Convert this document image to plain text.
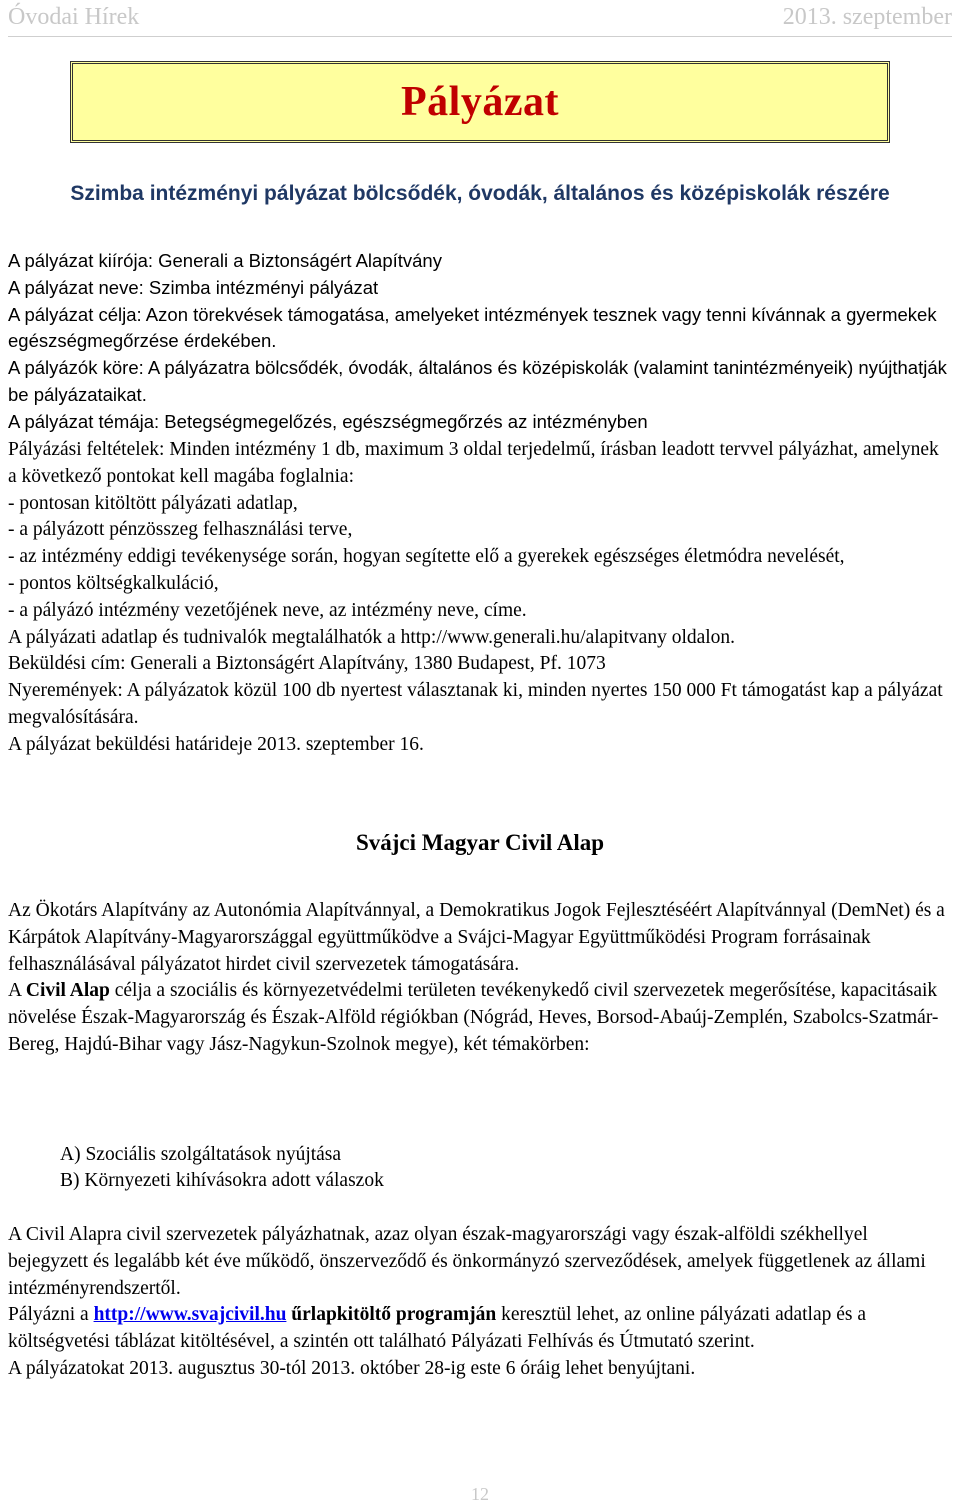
Óvodai Hírek	2013. szeptember
Pályázat
Szimba intézményi pályázat bölcsődék, óvodák, általános és középiskolák részére

A pályázat kiírója: Generali a Biztonságért Alapítvány

A pályázat neve: Szimba intézményi pályázat

A pályázat célja: Azon törekvések támogatása, amelyeket intézmények tesznek vagy tenni kívánnak a gyermekek egészségmegőrzése érdekében.

A pályázók köre: A pályázatra bölcsődék, óvodák, általános és középiskolák (valamint tanintézményeik) nyújthatják be pályázataikat.

A pályázat témája: Betegségmegelőzés, egészségmegőrzés az intézményben

Pályázási feltételek: Minden intézmény 1 db, maximum 3 oldal terjedelmű, írásban leadott tervvel pályázhat, amelynek a következő pontokat kell magába foglalnia:

- pontosan kitöltött pályázati adatlap,

- a pályázott pénzösszeg felhasználási terve,

- az intézmény eddigi tevékenysége során, hogyan segítette elő a gyerekek egészséges életmódra nevelését,

- pontos költségkalkuláció,

- a pályázó intézmény vezetőjének neve, az intézmény neve, címe.

A pályázati adatlap és tudnivalók megtalálhatók a http://www.generali.hu/alapitvany oldalon.

Beküldési cím: Generali a Biztonságért Alapítvány, 1380 Budapest, Pf. 1073

Nyeremények: A pályázatok közül 100 db nyertest választanak ki, minden nyertes 150 000 Ft támogatást kap a pályázat megvalósítására.

A pályázat beküldési határideje 2013. szeptember 16.

Svájci Magyar Civil Alap

Az Ökotárs Alapítvány az Autonómia Alapítvánnyal, a Demokratikus Jogok Fejlesztéséért Alapítvánnyal (DemNet) és a Kárpátok Alapítvány-Magyarországgal együttműködve a Svájci-Magyar Együttműködési Program forrásainak felhasználásával pályázatot hirdet civil szervezetek támogatására.

A Civil Alap célja a szociális és környezetvédelmi területen tevékenykedő civil szervezetek megerősítése, kapacitásaik növelése Észak-Magyarország és Észak-Alföld régiókban (Nógrád, Heves, Borsod-Abaúj-Zemplén, Szabolcs-Szatmár-Bereg, Hajdú-Bihar vagy Jász-Nagykun-Szolnok megye), két témakörben:

A) Szociális szolgáltatások nyújtása

B) Környezeti kihívásokra adott válaszok

A Civil Alapra civil szervezetek pályázhatnak, azaz olyan észak-magyarországi vagy észak-alföldi székhellyel bejegyzett és legalább két éve működő, önszerveződő és önkormányzó szerveződések, amelyek függetlenek az állami intézményrendszertől.

Pályázni a http://www.svajcivil.hu űrlapkitöltő programján keresztül lehet, az online pályázati adatlap és a költségvetési táblázat kitöltésével, a szintén ott található Pályázati Felhívás és Útmutató szerint.

A pályázatokat 2013. augusztus 30-tól 2013. október 28-ig este 6 óráig lehet benyújtani.

12
